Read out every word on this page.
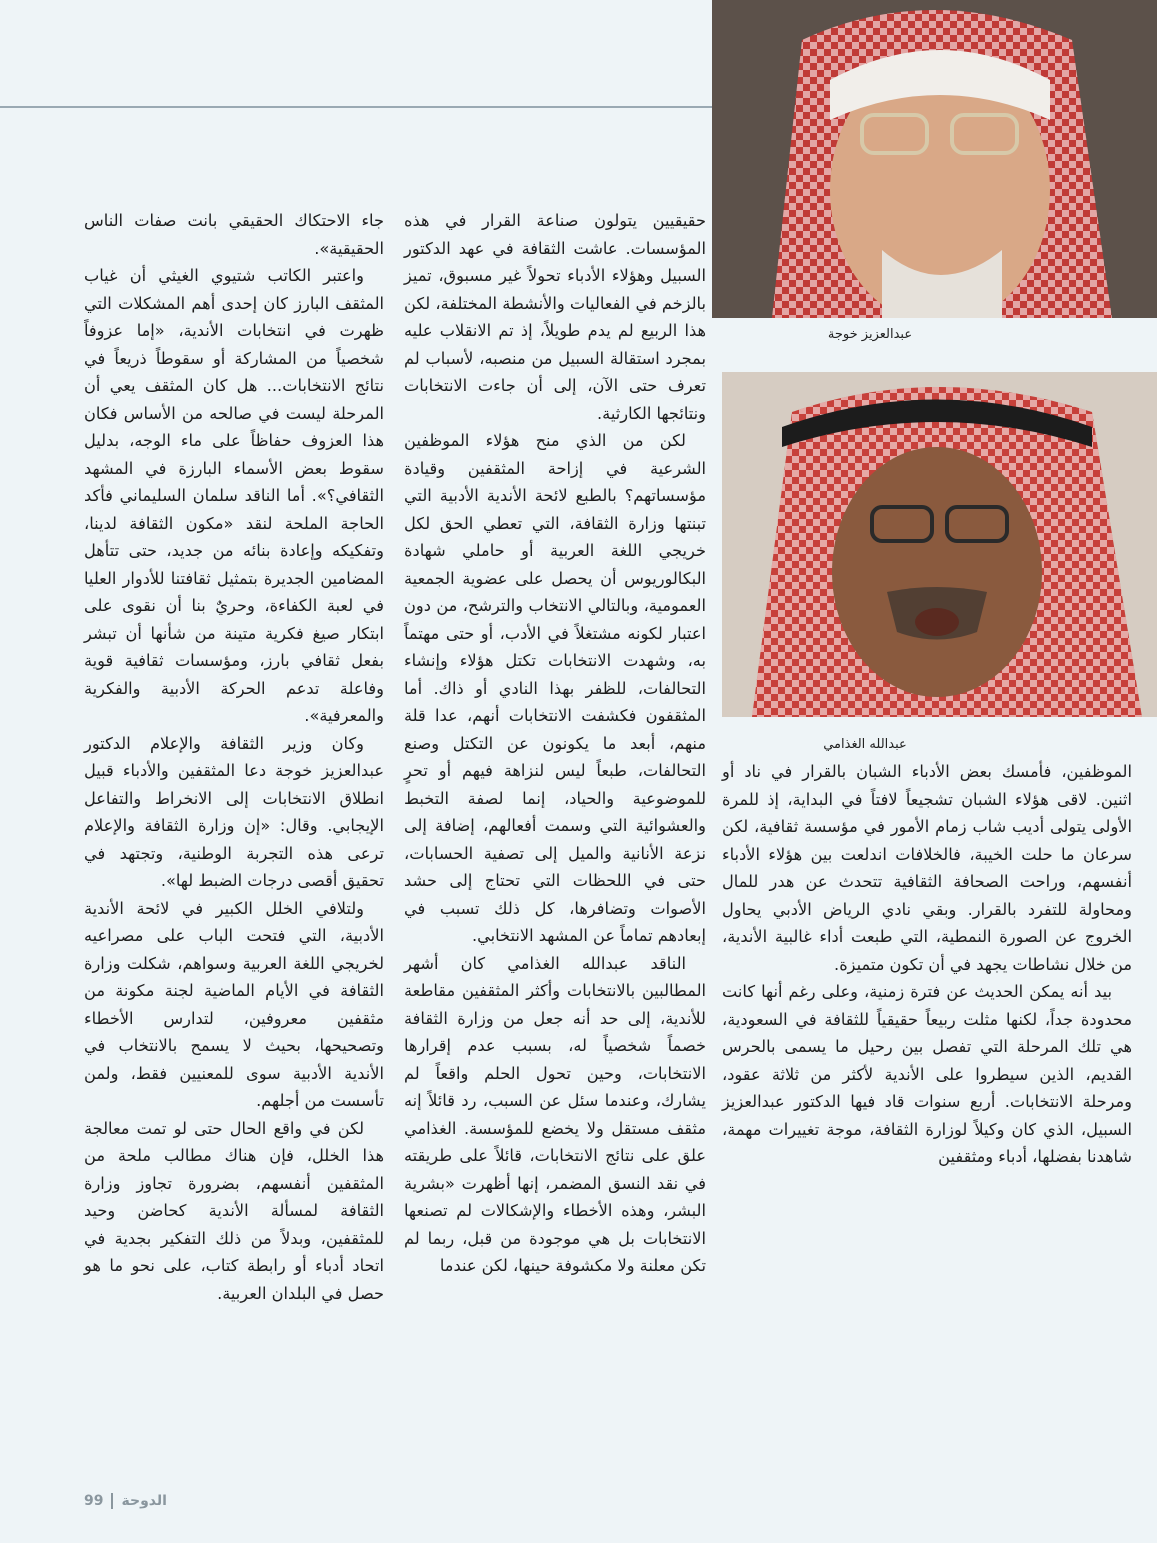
عبدالعزيز خوجة
عبدالله الغذامي

الموظفين، فأمسك بعض الأدباء الشبان بالقرار في ناد أو اثنين. لاقى هؤلاء الشبان تشجيعاً لافتاً في البداية، إذ للمرة الأولى يتولى أديب شاب زمام الأمور في مؤسسة ثقافية، لكن سرعان ما حلت الخيبة، فالخلافات اندلعت بين هؤلاء الأدباء أنفسهم، وراحت الصحافة الثقافية تتحدث عن هدر للمال ومحاولة للتفرد بالقرار. وبقي نادي الرياض الأدبي يحاول الخروج عن الصورة النمطية، التي طبعت أداء غالبية الأندية، من خلال نشاطات يجهد في أن تكون متميزة.

بيد أنه يمكن الحديث عن فترة زمنية، وعلى رغم أنها كانت محدودة جداً، لكنها مثلت ربيعاً حقيقياً للثقافة في السعودية، هي تلك المرحلة التي تفصل بين رحيل ما يسمى بالحرس القديم، الذين سيطروا على الأندية لأكثر من ثلاثة عقود، ومرحلة الانتخابات. أربع سنوات قاد فيها الدكتور عبدالعزيز السبيل، الذي كان وكيلاً لوزارة الثقافة، موجة تغييرات مهمة، شاهدنا بفضلها، أدباء ومثقفين

حقيقيين يتولون صناعة القرار في هذه المؤسسات. عاشت الثقافة في عهد الدكتور السبيل وهؤلاء الأدباء تحولاً غير مسبوق، تميز بالزخم في الفعاليات والأنشطة المختلفة، لكن هذا الربيع لم يدم طويلاً، إذ تم الانقلاب عليه بمجرد استقالة السبيل من منصبه، لأسباب لم تعرف حتى الآن، إلى أن جاءت الانتخابات ونتائجها الكارثية.

لكن من الذي منح هؤلاء الموظفين الشرعية في إزاحة المثقفين وقيادة مؤسساتهم؟ بالطبع لائحة الأندية الأدبية التي تبنتها وزارة الثقافة، التي تعطي الحق لكل خريجي اللغة العربية أو حاملي شهادة البكالوريوس أن يحصل على عضوية الجمعية العمومية، وبالتالي الانتخاب والترشح، من دون اعتبار لكونه مشتغلاً في الأدب، أو حتى مهتماً به، وشهدت الانتخابات تكتل هؤلاء وإنشاء التحالفات، للظفر بهذا النادي أو ذاك. أما المثقفون فكشفت الانتخابات أنهم، عدا قلة منهم، أبعد ما يكونون عن التكتل وصنع التحالفات، طبعاً ليس لنزاهة فيهم أو تحرٍ للموضوعية والحياد، إنما لصفة التخبط والعشوائية التي وسمت أفعالهم، إضافة إلى نزعة الأنانية والميل إلى تصفية الحسابات، حتى في اللحظات التي تحتاج إلى حشد الأصوات وتضافرها، كل ذلك تسبب في إبعادهم تماماً عن المشهد الانتخابي.

الناقد عبدالله الغذامي كان أشهر المطالبين بالانتخابات وأكثر المثقفين مقاطعة للأندية، إلى حد أنه جعل من وزارة الثقافة خصماً شخصياً له، بسبب عدم إقرارها الانتخابات، وحين تحول الحلم واقعاً لم يشارك، وعندما سئل عن السبب، رد قائلاً إنه مثقف مستقل ولا يخضع للمؤسسة. الغذامي علق على نتائج الانتخابات، قائلاً على طريقته في نقد النسق المضمر، إنها أظهرت «بشرية البشر، وهذه الأخطاء والإشكالات لم تصنعها الانتخابات بل هي موجودة من قبل، ربما لم تكن معلنة ولا مكشوفة حينها، لكن عندما

جاء الاحتكاك الحقيقي بانت صفات الناس الحقيقية».

واعتبر الكاتب شتيوي الغيثي أن غياب المثقف البارز كان إحدى أهم المشكلات التي ظهرت في انتخابات الأندية، «إما عزوفاً شخصياً من المشاركة أو سقوطاً ذريعاً في نتائج الانتخابات... هل كان المثقف يعي أن المرحلة ليست في صالحه من الأساس فكان هذا العزوف حفاظاً على ماء الوجه، بدليل سقوط بعض الأسماء البارزة في المشهد الثقافي؟». أما الناقد سلمان السليماني فأكد الحاجة الملحة لنقد «مكون الثقافة لدينا، وتفكيكه وإعادة بنائه من جديد، حتى تتأهل المضامين الجديرة بتمثيل ثقافتنا للأدوار العليا في لعبة الكفاءة، وحريٌ بنا أن نقوى على ابتكار صيغ فكرية متينة من شأنها أن تبشر بفعل ثقافي بارز، ومؤسسات ثقافية قوية وفاعلة تدعم الحركة الأدبية والفكرية والمعرفية».

وكان وزير الثقافة والإعلام الدكتور عبدالعزيز خوجة دعا المثقفين والأدباء قبيل انطلاق الانتخابات إلى الانخراط والتفاعل الإيجابي. وقال: «إن وزارة الثقافة والإعلام ترعى هذه التجربة الوطنية، وتجتهد في تحقيق أقصى درجات الضبط لها».

ولتلافي الخلل الكبير في لائحة الأندية الأدبية، التي فتحت الباب على مصراعيه لخريجي اللغة العربية وسواهم، شكلت وزارة الثقافة في الأيام الماضية لجنة مكونة من مثقفين معروفين، لتدارس الأخطاء وتصحيحها، بحيث لا يسمح بالانتخاب في الأندية الأدبية سوى للمعنيين فقط، ولمن تأسست من أجلهم.

لكن في واقع الحال حتى لو تمت معالجة هذا الخلل، فإن هناك مطالب ملحة من المثقفين أنفسهم، بضرورة تجاوز وزارة الثقافة لمسألة الأندية كحاضن وحيد للمثقفين، وبدلاً من ذلك التفكير بجدية في اتحاد أدباء أو رابطة كتاب، على نحو ما هو حصل في البلدان العربية.

99 الدوحة
